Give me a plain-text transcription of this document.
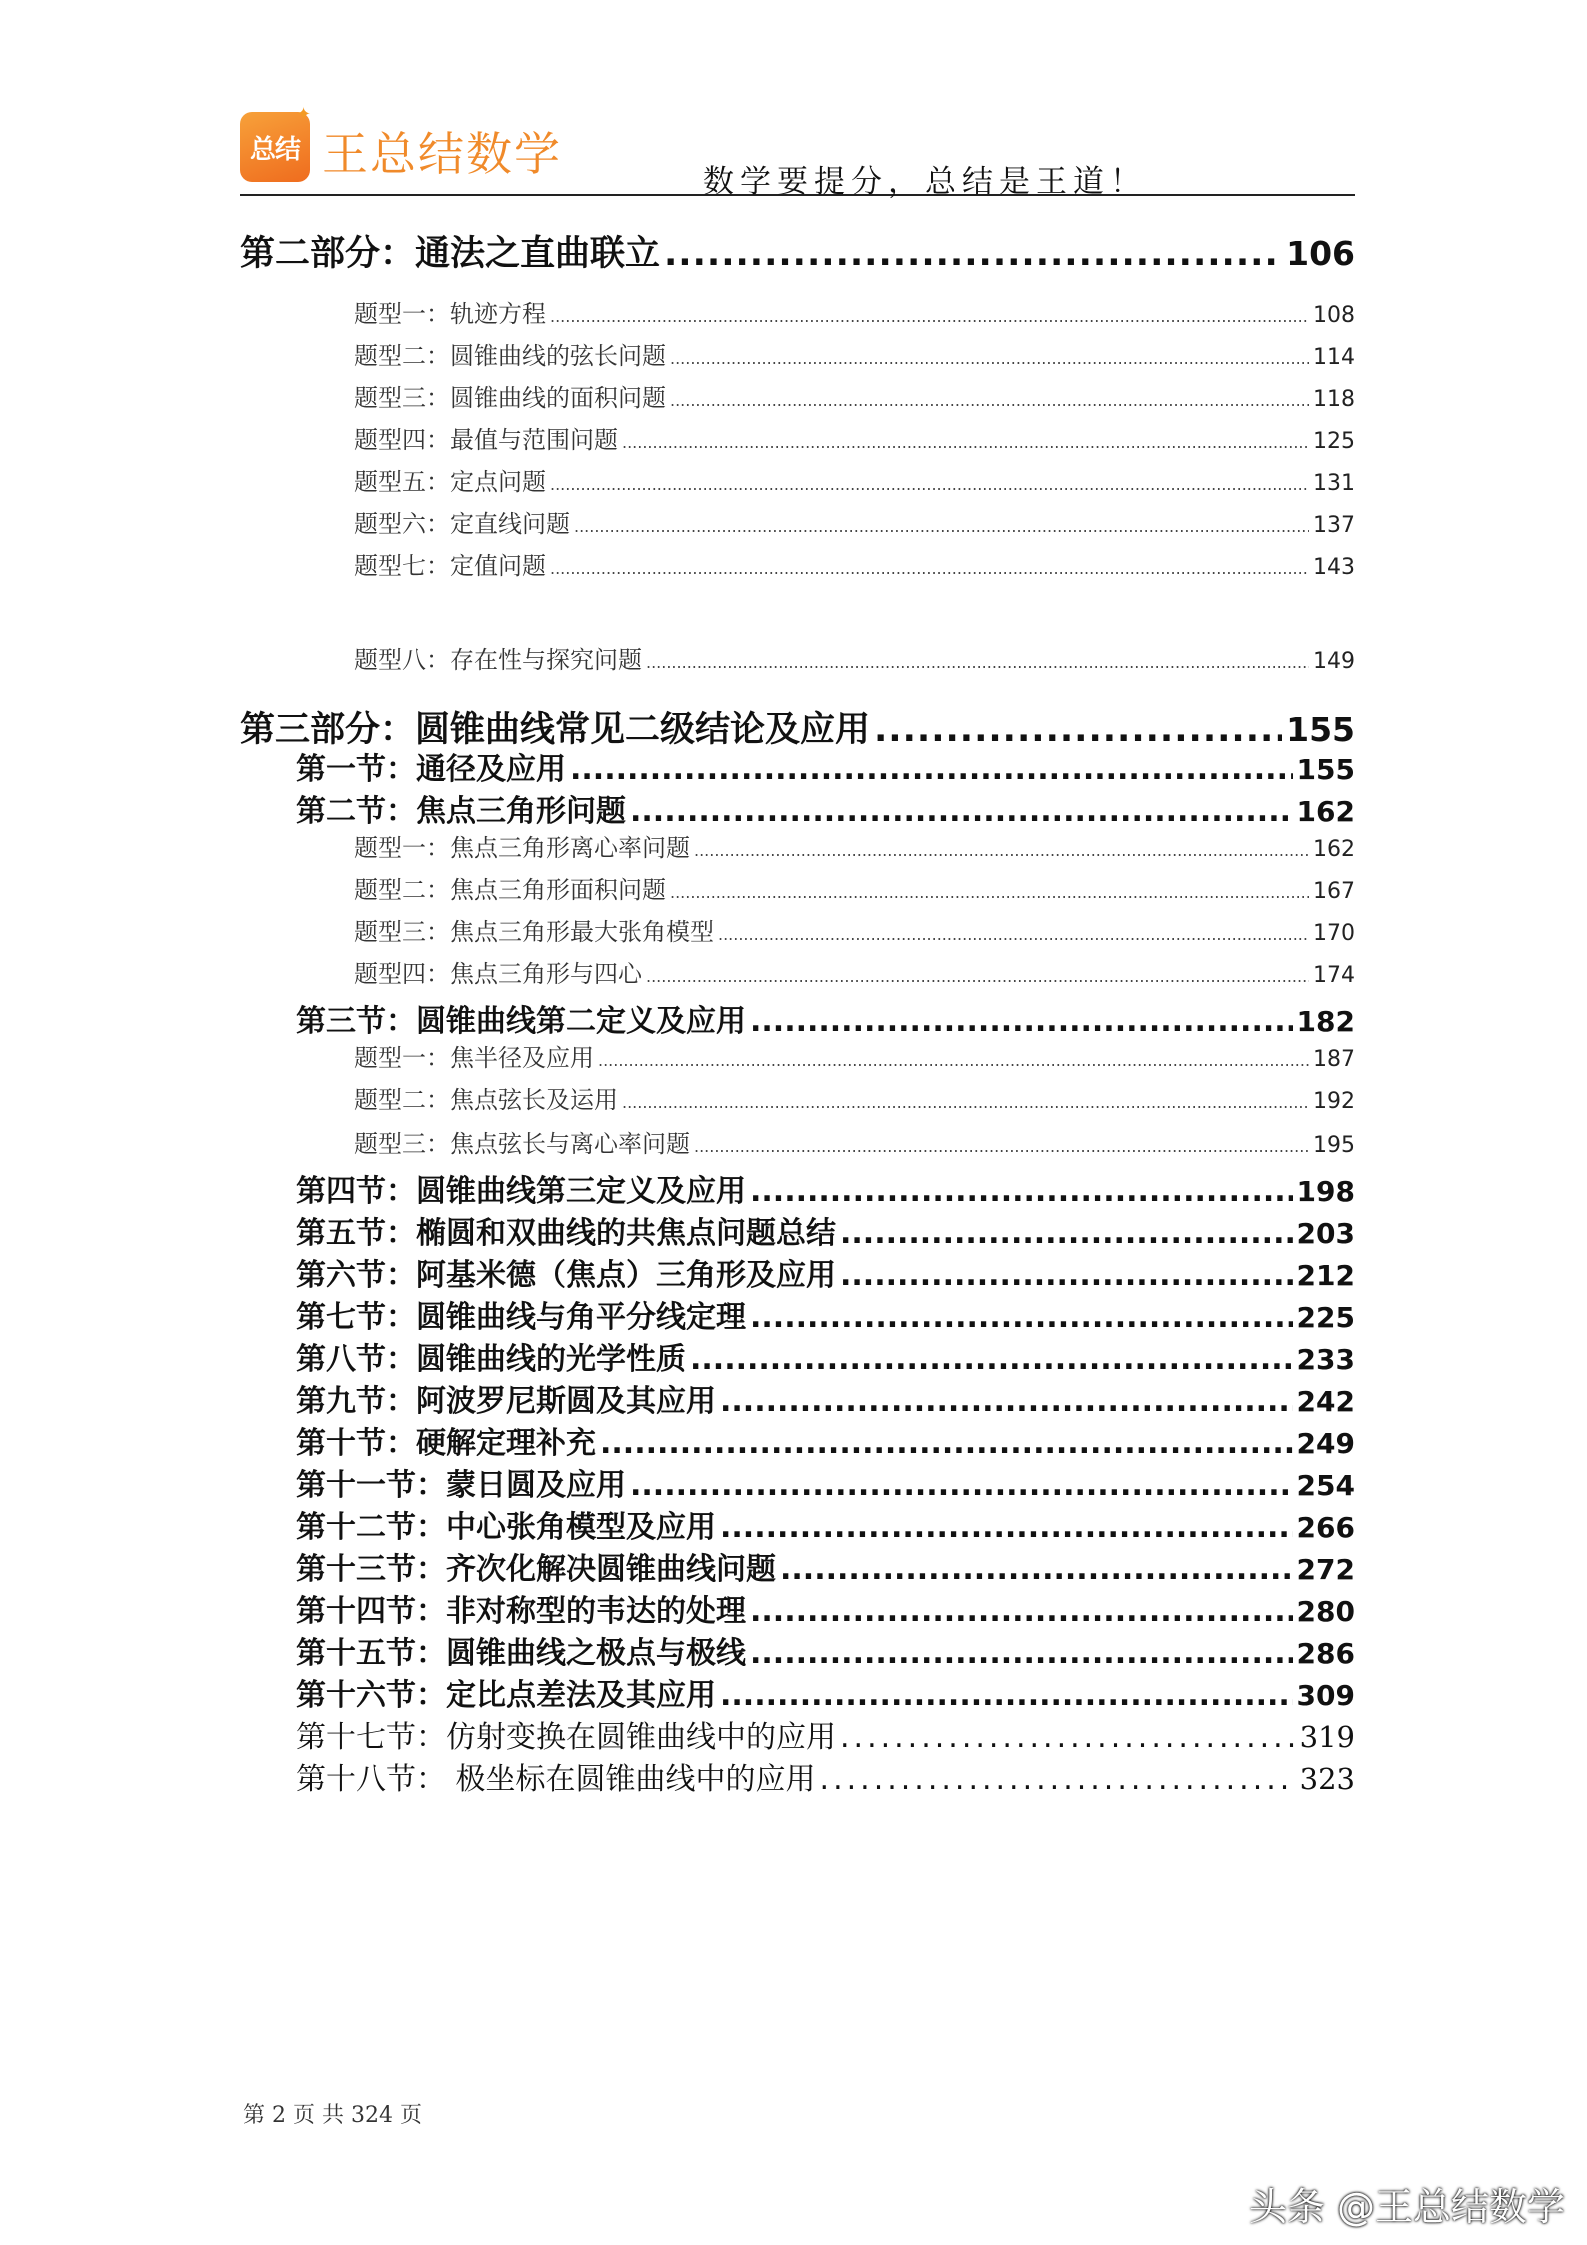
总结
✦
王总结数学
数学要提分，总结是王道！
第二部分：通法之直曲联立 .....	106
题型一：轨迹方程 .....	108
题型二：圆锥曲线的弦长问题 .....	114
题型三：圆锥曲线的面积问题 .....	118
题型四：最值与范围问题 .....	125
题型五：定点问题 .....	131
题型六：定直线问题 .....	137
题型七：定值问题 .....	143
题型八：存在性与探究问题 .....	149
第三部分：圆锥曲线常见二级结论及应用 .....	155
第一节：通径及应用 .....	155
第二节：焦点三角形问题 .....	162
题型一：焦点三角形离心率问题 .....	162
题型二：焦点三角形面积问题 .....	167
题型三：焦点三角形最大张角模型 .....	170
题型四：焦点三角形与四心 .....	174
第三节：圆锥曲线第二定义及应用 .....	182
题型一：焦半径及应用 .....	187
题型二：焦点弦长及运用 .....	192
题型三：焦点弦长与离心率问题 .....	195
第四节：圆锥曲线第三定义及应用 .....	198
第五节：椭圆和双曲线的共焦点问题总结 .....	203
第六节：阿基米德（焦点）三角形及应用 .....	212
第七节：圆锥曲线与角平分线定理 .....	225
第八节：圆锥曲线的光学性质 .....	233
第九节：阿波罗尼斯圆及其应用 .....	242
第十节：硬解定理补充 .....	249
第十一节：蒙日圆及应用 .....	254
第十二节：中心张角模型及应用 .....	266
第十三节：齐次化解决圆锥曲线问题 .....	272
第十四节：非对称型的韦达的处理 .....	280
第十五节：圆锥曲线之极点与极线 .....	286
第十六节：定比点差法及其应用 .....	309
第十七节：仿射变换在圆锥曲线中的应用 .....	319
第十八节： 极坐标在圆锥曲线中的应用 .....	323
第 2 页 共 324 页
头条 @王总结数学
